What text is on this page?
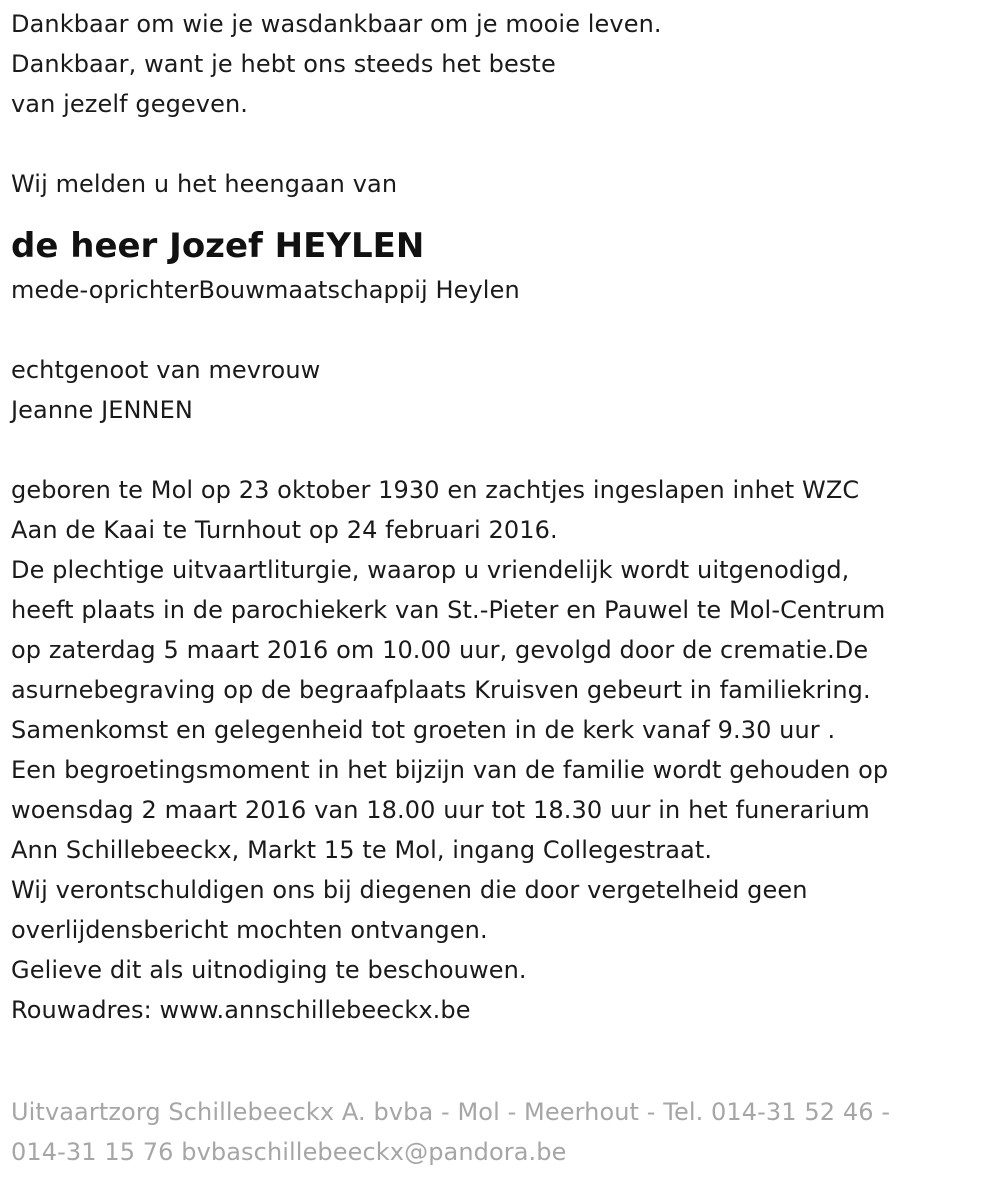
Dankbaar om wie je wasdankbaar om je mooie leven.
Dankbaar, want je hebt ons steeds het beste
van jezelf gegeven.
Wij melden u het heengaan van
de heer Jozef HEYLEN
mede-oprichterBouwmaatschappij Heylen
echtgenoot van mevrouw
Jeanne JENNEN
geboren te Mol op 23 oktober 1930 en zachtjes ingeslapen inhet WZC
Aan de Kaai te Turnhout op 24 februari 2016.
De plechtige uitvaartliturgie, waarop u vriendelijk wordt uitgenodigd,
heeft plaats in de parochiekerk van St.-Pieter en Pauwel te Mol-Centrum
op zaterdag 5 maart 2016 om 10.00 uur, gevolgd door de crematie.De
asurnebegraving op de begraafplaats Kruisven gebeurt in familiekring.
Samenkomst en gelegenheid tot groeten in de kerk vanaf 9.30 uur .
Een begroetingsmoment in het bijzijn van de familie wordt gehouden op
woensdag 2 maart 2016 van 18.00 uur tot 18.30 uur in het funerarium
Ann Schillebeeckx, Markt 15 te Mol, ingang Collegestraat.
Wij verontschuldigen ons bij diegenen die door vergetelheid geen
overlijdensbericht mochten ontvangen.
Gelieve dit als uitnodiging te beschouwen.
Rouwadres: www.annschillebeeckx.be
Uitvaartzorg Schillebeeckx A. bvba - Mol - Meerhout - Tel. 014-31 52 46 -
014-31 15 76 bvbaschillebeeckx@pandora.be
